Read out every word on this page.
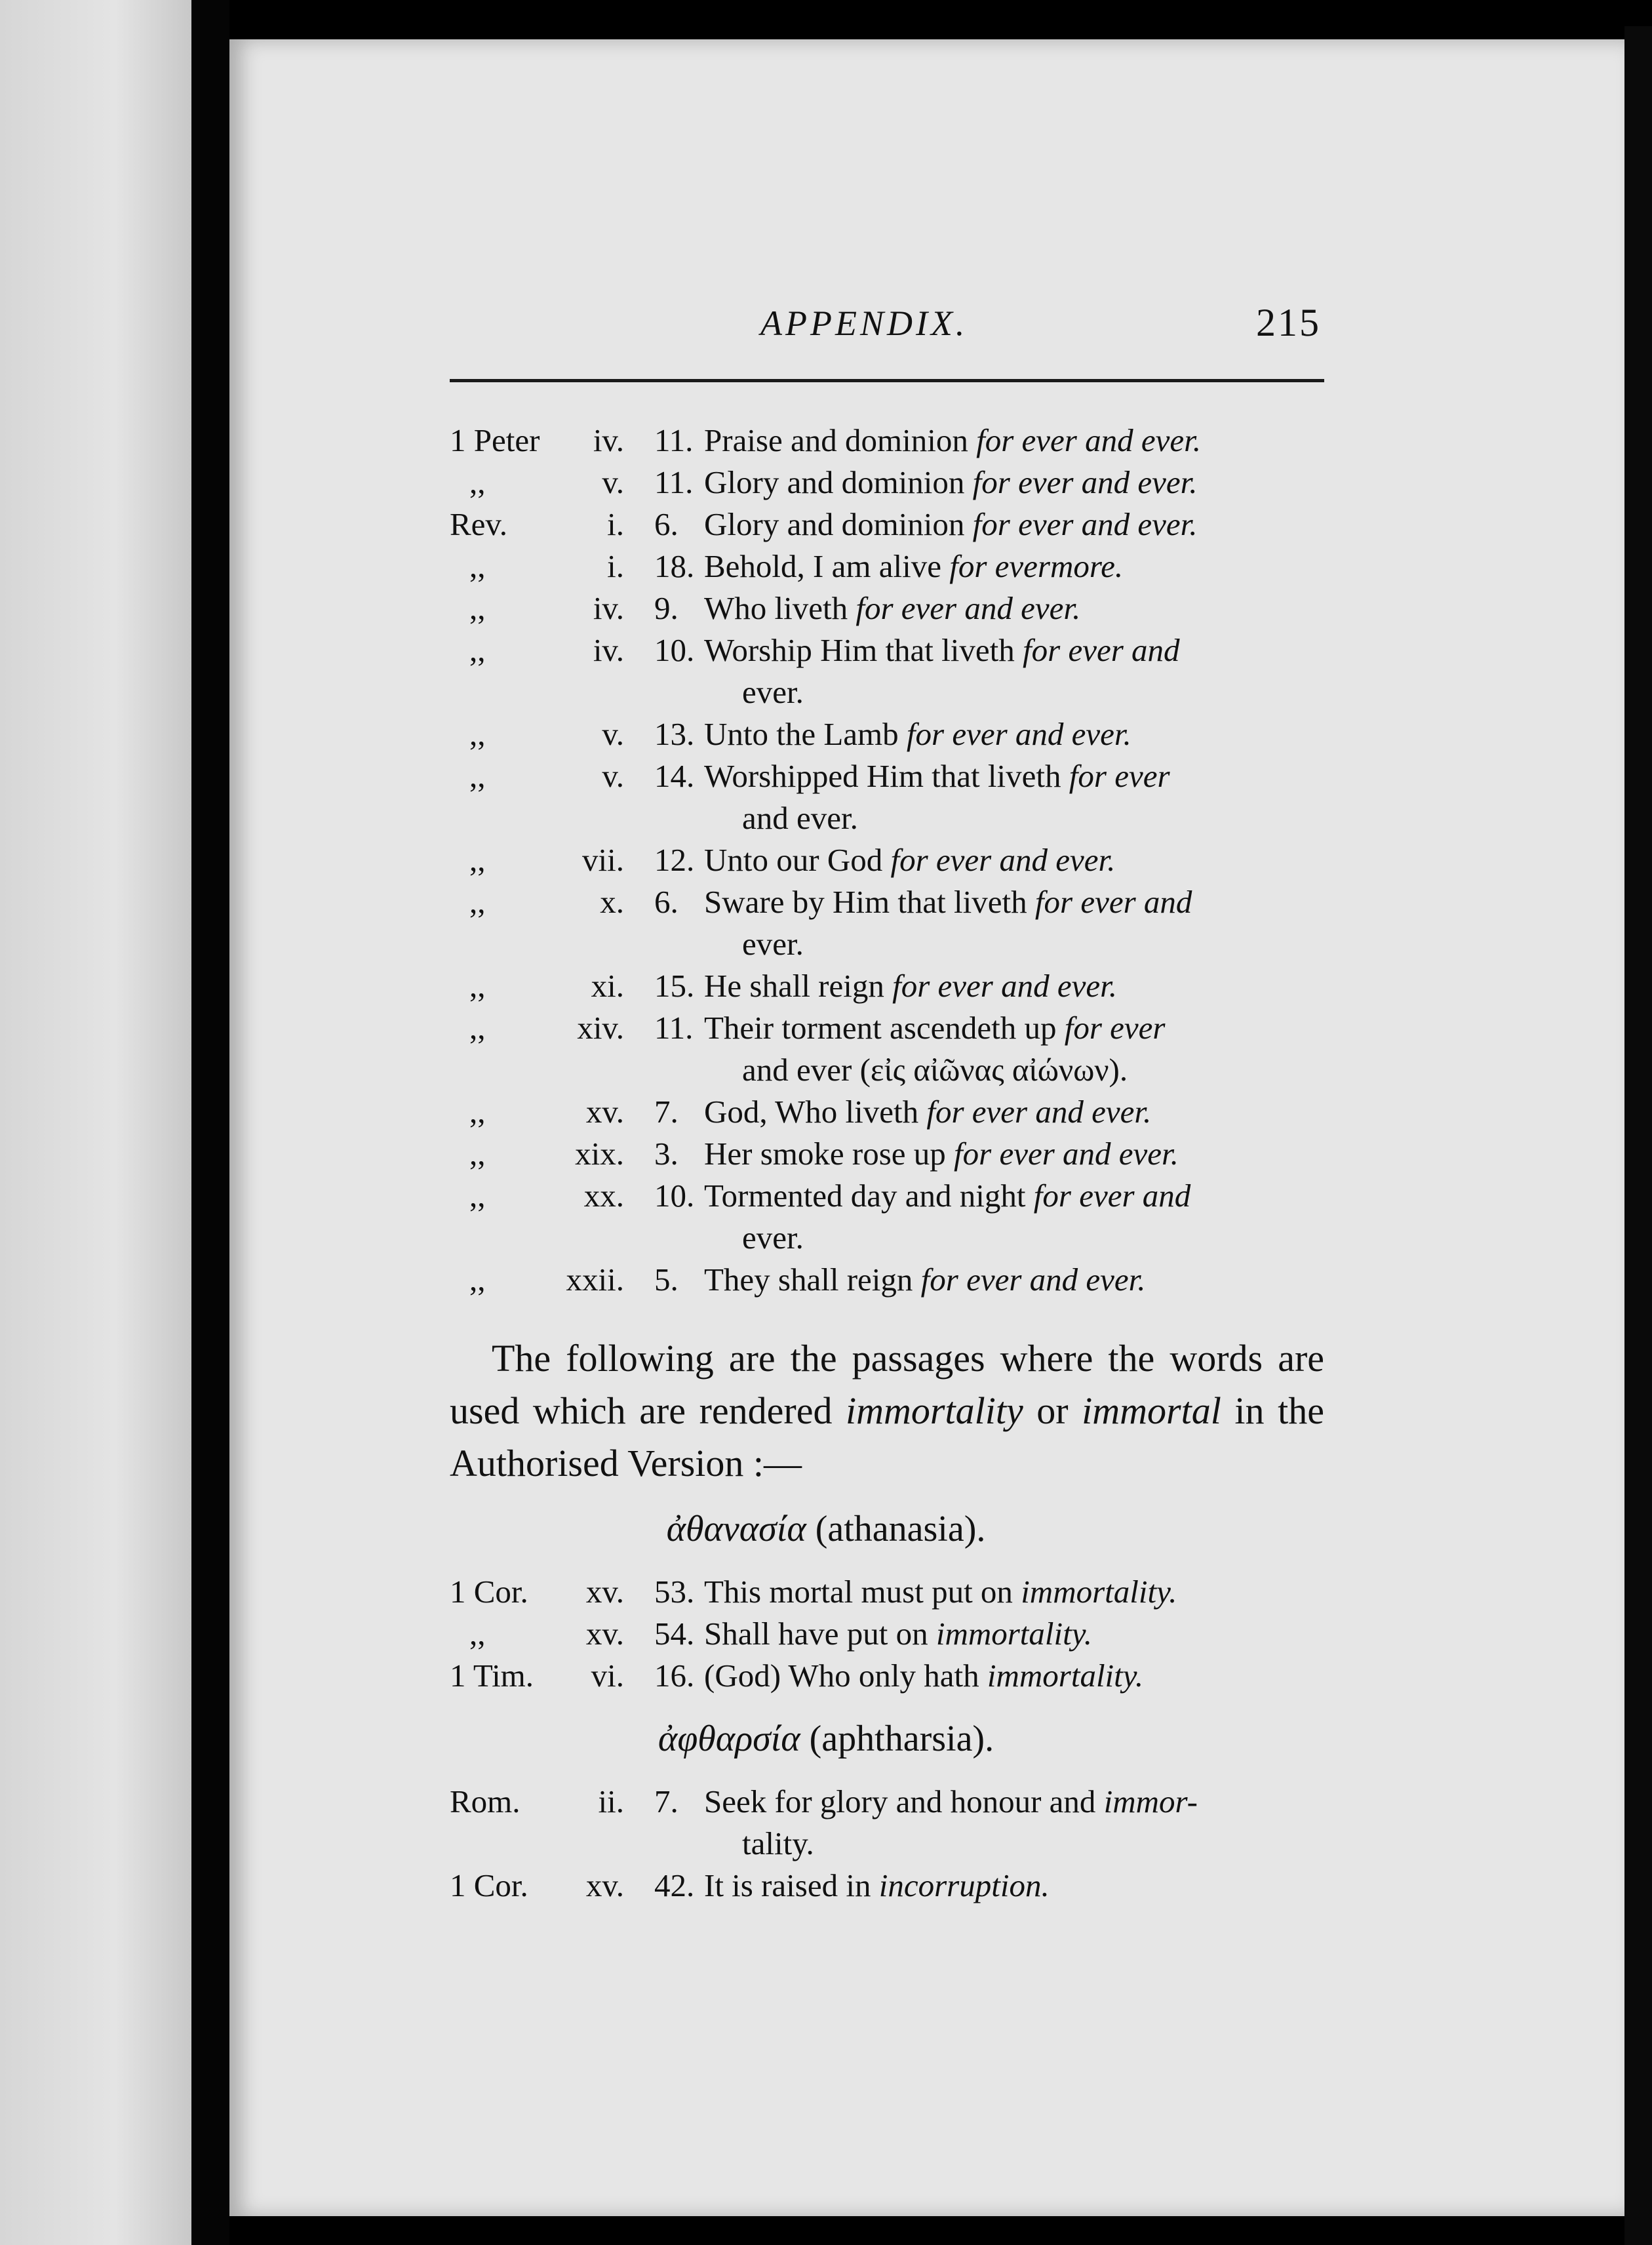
APPENDIX.	215
1 Peter	iv. 11. Praise and dominion for ever and ever.
,,	v. 11. Glory and dominion for ever and ever.
Rev.	i. 6. Glory and dominion for ever and ever.
,,	i. 18. Behold, I am alive for evermore.
,,	iv. 9. Who liveth for ever and ever.
,,	iv. 10. Worship Him that liveth for ever and
ever.
,,	v. 13. Unto the Lamb for ever and ever.
,,	v. 14. Worshipped Him that liveth for ever
and ever.
,,	vii. 12. Unto our God for ever and ever.
,,	x. 6. Sware by Him that liveth for ever and
ever.
,,	xi. 15. He shall reign for ever and ever.
,,	xiv. 11. Their torment ascendeth up for ever
and ever (εἰς αἰῶνας αἰώνων).
,,	xv. 7. God, Who liveth for ever and ever.
,,	xix. 3. Her smoke rose up for ever and ever.
,,	xx. 10. Tormented day and night for ever and
ever.
,,	xxii. 5. They shall reign for ever and ever.
The following are the passages where the words are used which are rendered immortality or immortal in the Authorised Version :—
ἀθανασία (athanasia).
1 Cor.	xv. 53. This mortal must put on immortality.
,,	xv. 54. Shall have put on immortality.
1 Tim.	vi. 16. (God) Who only hath immortality.
ἀφθαρσία (aphtharsia).
Rom.	ii. 7. Seek for glory and honour and immor-
tality.
1 Cor.	xv. 42. It is raised in incorruption.
